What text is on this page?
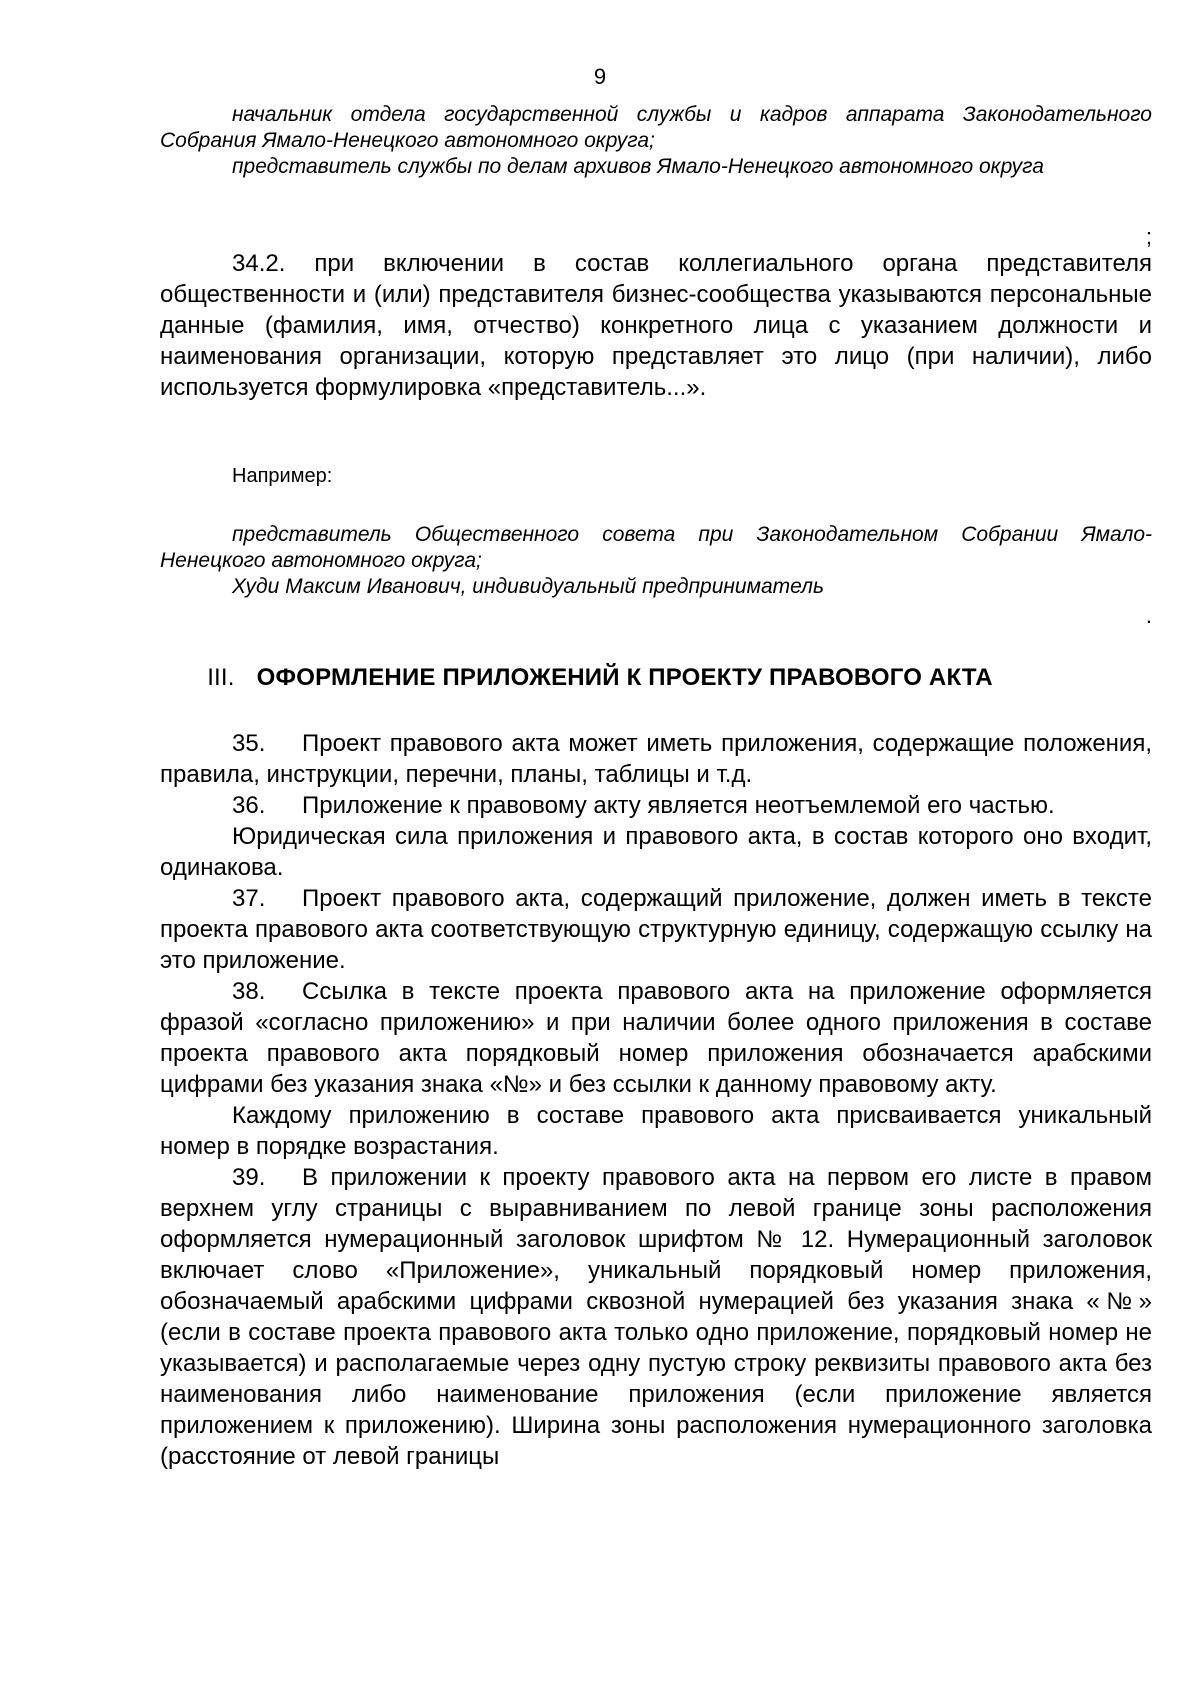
9

начальник отдела государственной службы и кадров аппарата Законодательного Собрания Ямало-Ненецкого автономного округа;

представитель службы по делам архивов Ямало-Ненецкого автономного округа

;

34.2. при включении в состав коллегиального органа представителя общественности и (или) представителя бизнес-сообщества указываются персональные данные (фамилия, имя, отчество) конкретного лица с указанием должности и наименования организации, которую представляет это лицо (при наличии), либо используется формулировка «представитель...».

Например:

представитель Общественного совета при Законодательном Собрании Ямало-Ненецкого автономного округа;

Худи Максим Иванович, индивидуальный предприниматель

.
III. ОФОРМЛЕНИЕ ПРИЛОЖЕНИЙ К ПРОЕКТУ ПРАВОВОГО АКТА

35. Проект правового акта может иметь приложения, содержащие положения, правила, инструкции, перечни, планы, таблицы и т.д.

36. Приложение к правовому акту является неотъемлемой его частью.

Юридическая сила приложения и правового акта, в состав которого оно входит, одинакова.

37. Проект правового акта, содержащий приложение, должен иметь в тексте проекта правового акта соответствующую структурную единицу, содержащую ссылку на это приложение.

38. Ссылка в тексте проекта правового акта на приложение оформляется фразой «согласно приложению» и при наличии более одного приложения в составе проекта правового акта порядковый номер приложения обозначается арабскими цифрами без указания знака «№» и без ссылки к данному правовому акту.

Каждому приложению в составе правового акта присваивается уникальный номер в порядке возрастания.

39. В приложении к проекту правового акта на первом его листе в правом верхнем углу страницы с выравниванием по левой границе зоны расположения оформляется нумерационный заголовок шрифтом № 12. Нумерационный заголовок включает слово «Приложение», уникальный порядковый номер приложения, обозначаемый арабскими цифрами сквозной нумерацией без указания знака «№» (если в составе проекта правового акта только одно приложение, порядковый номер не указывается) и располагаемые через одну пустую строку реквизиты правового акта без наименования либо наименование приложения (если приложение является приложением к приложению). Ширина зоны расположения нумерационного заголовка (расстояние от левой границы
